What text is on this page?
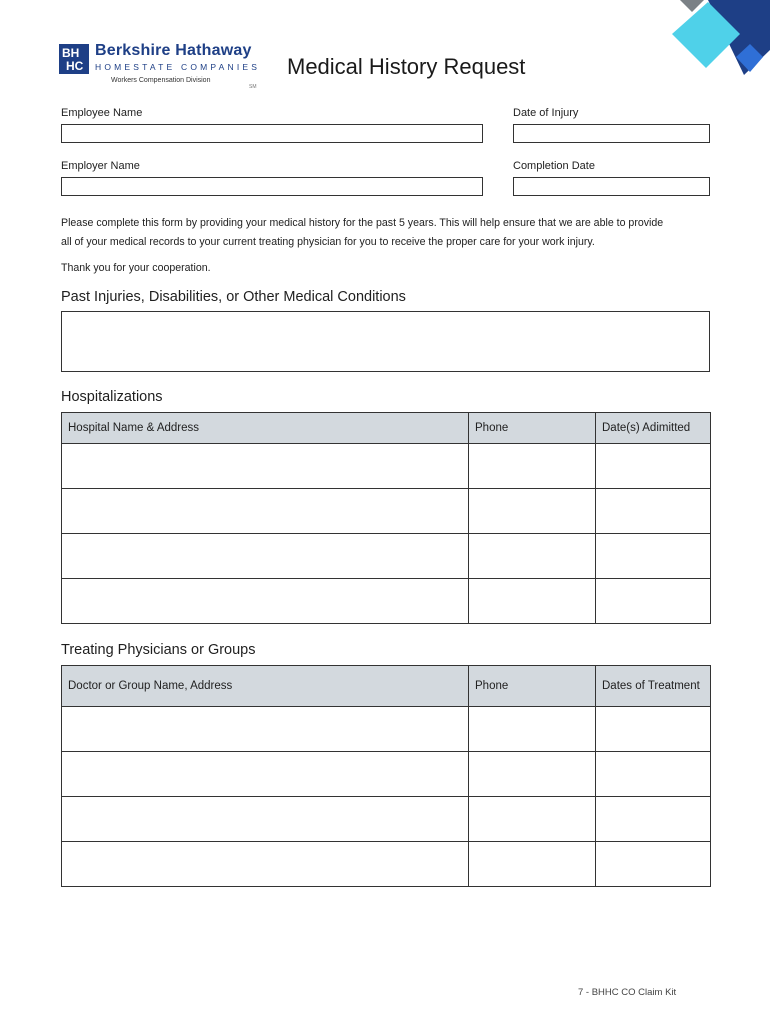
BH
HC
Berkshire Hathaway
HOMESTATE COMPANIES
Workers Compensation Division
SM
Medical History Request
Employee Name	Date of Injury
Employer Name	Completion Date
Please complete this form by providing your medical history for the past 5 years. This will help ensure that we are able to provide
all of your medical records to your current treating physician for you to receive the proper care for your work injury.
Thank you for your cooperation.
Past Injuries, Disabilities, or Other Medical Conditions
Hospitalizations
Hospital Name & Address	Phone	Date(s) Adimitted

Treating Physicians or Groups
Doctor or Group Name, Address	Phone	Dates of Treatment

7 - BHHC CO Claim Kit
